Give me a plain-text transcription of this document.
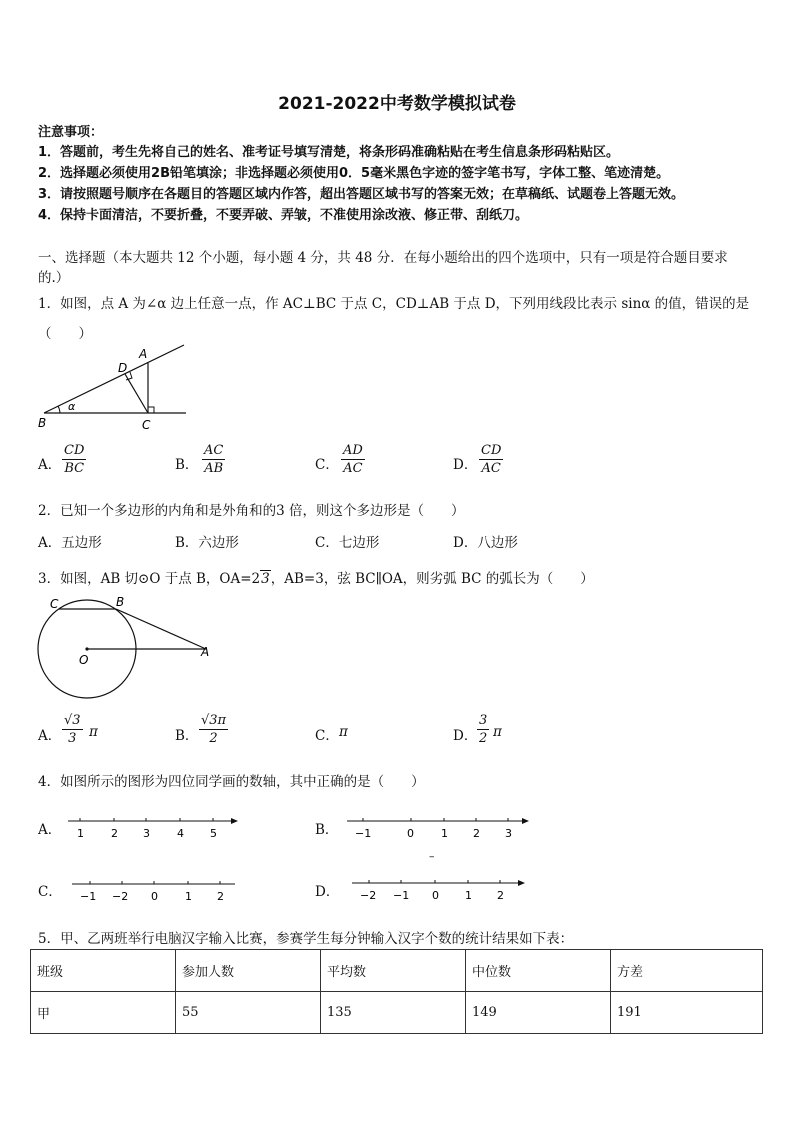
2021-2022中考数学模拟试卷
注意事项：
1．答题前，考生先将自己的姓名、准考证号填写清楚，将条形码准确粘贴在考生信息条形码粘贴区。
2．选择题必须使用2B铅笔填涂；非选择题必须使用0．5毫米黑色字迹的签字笔书写，字体工整、笔迹清楚。
3．请按照题号顺序在各题目的答题区域内作答，超出答题区域书写的答案无效；在草稿纸、试题卷上答题无效。
4．保持卡面清洁，不要折叠，不要弄破、弄皱，不准使用涂改液、修正带、刮纸刀。
一、选择题（本大题共 12 个小题，每小题 4 分，共 48 分．在每小题给出的四个选项中，只有一项是符合题目要求
的.）
1．如图，点 A 为∠α 边上任意一点，作 AC⊥BC 于点 C，CD⊥AB 于点 D，下列用线段比表示 sinα 的值，错误的是
（　　）
A
B	C
D
α
A．
CD
BC	B．
AC
AB	C．
AD
AC	D．
CD
AC
2．已知一个多边形的内角和是外角和的3 倍，则这个多边形是（　　）
A．五边形	B．六边形	C．七边形	D．八边形
3．如图，AB 切⊙O 于点 B，OA=23，AB=3，弦 BC∥OA，则劣弧 BC 的弧长为（　　）
C	B
O
A
A．
√3
3 π	B．
√3π
2	C． π	D．
3
2 π
4．如图所示的图形为四位同学画的数轴，其中正确的是（　　）
A． 1 2 3 4 5	B． −1	0 1 2 3
–
C． −1 −2 0 1 2	D． −2 −1 0 1 2
5．甲、乙两班举行电脑汉字输入比赛，参赛学生每分钟输入汉字个数的统计结果如下表：
班级	参加人数	平均数	中位数	方差
甲	55	135	149	191
